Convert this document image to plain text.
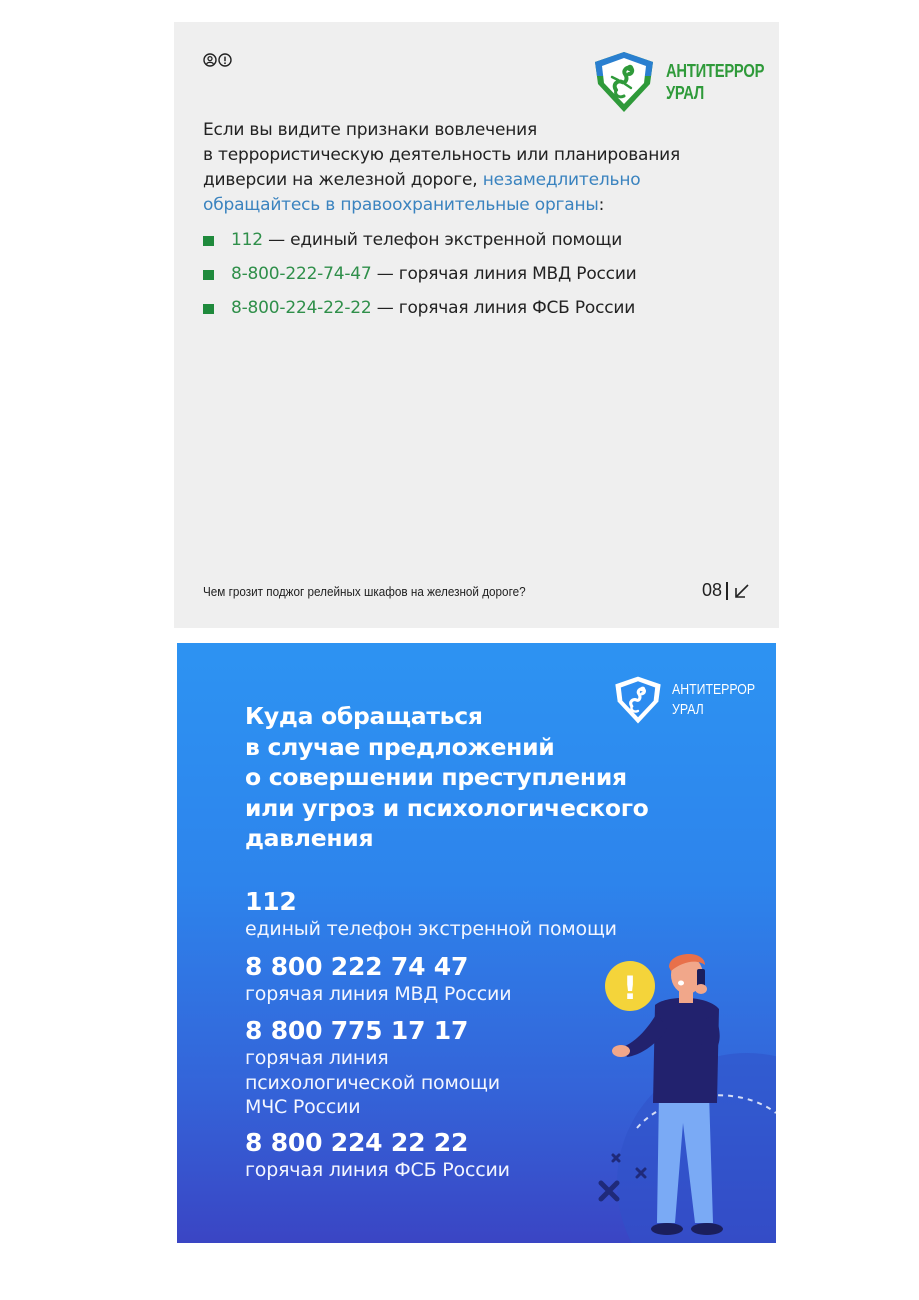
АНТИТЕРРОР
УРАЛ
Если вы видите признаки вовлечения
в террористическую деятельность или планирования
диверсии на железной дороге, незамедлительно
обращайтесь в правоохранительные органы:
112 — единый телефон экстренной помощи
8-800-222-74-47 — горячая линия МВД России
8-800-224-22-22 — горячая линия ФСБ России
Чем грозит поджог релейных шкафов на железной дороге?	08
АНТИТЕРРОР
УРАЛ
Куда обращаться
в случае предложений
о совершении преступления
или угроз и психологического
давления
112
единый телефон экстренной помощи
8 800 222 74 47
горячая линия МВД России
8 800 775 17 17
горячая линия
психологической помощи
МЧС России
8 800 224 22 22
горячая линия ФСБ России
!
